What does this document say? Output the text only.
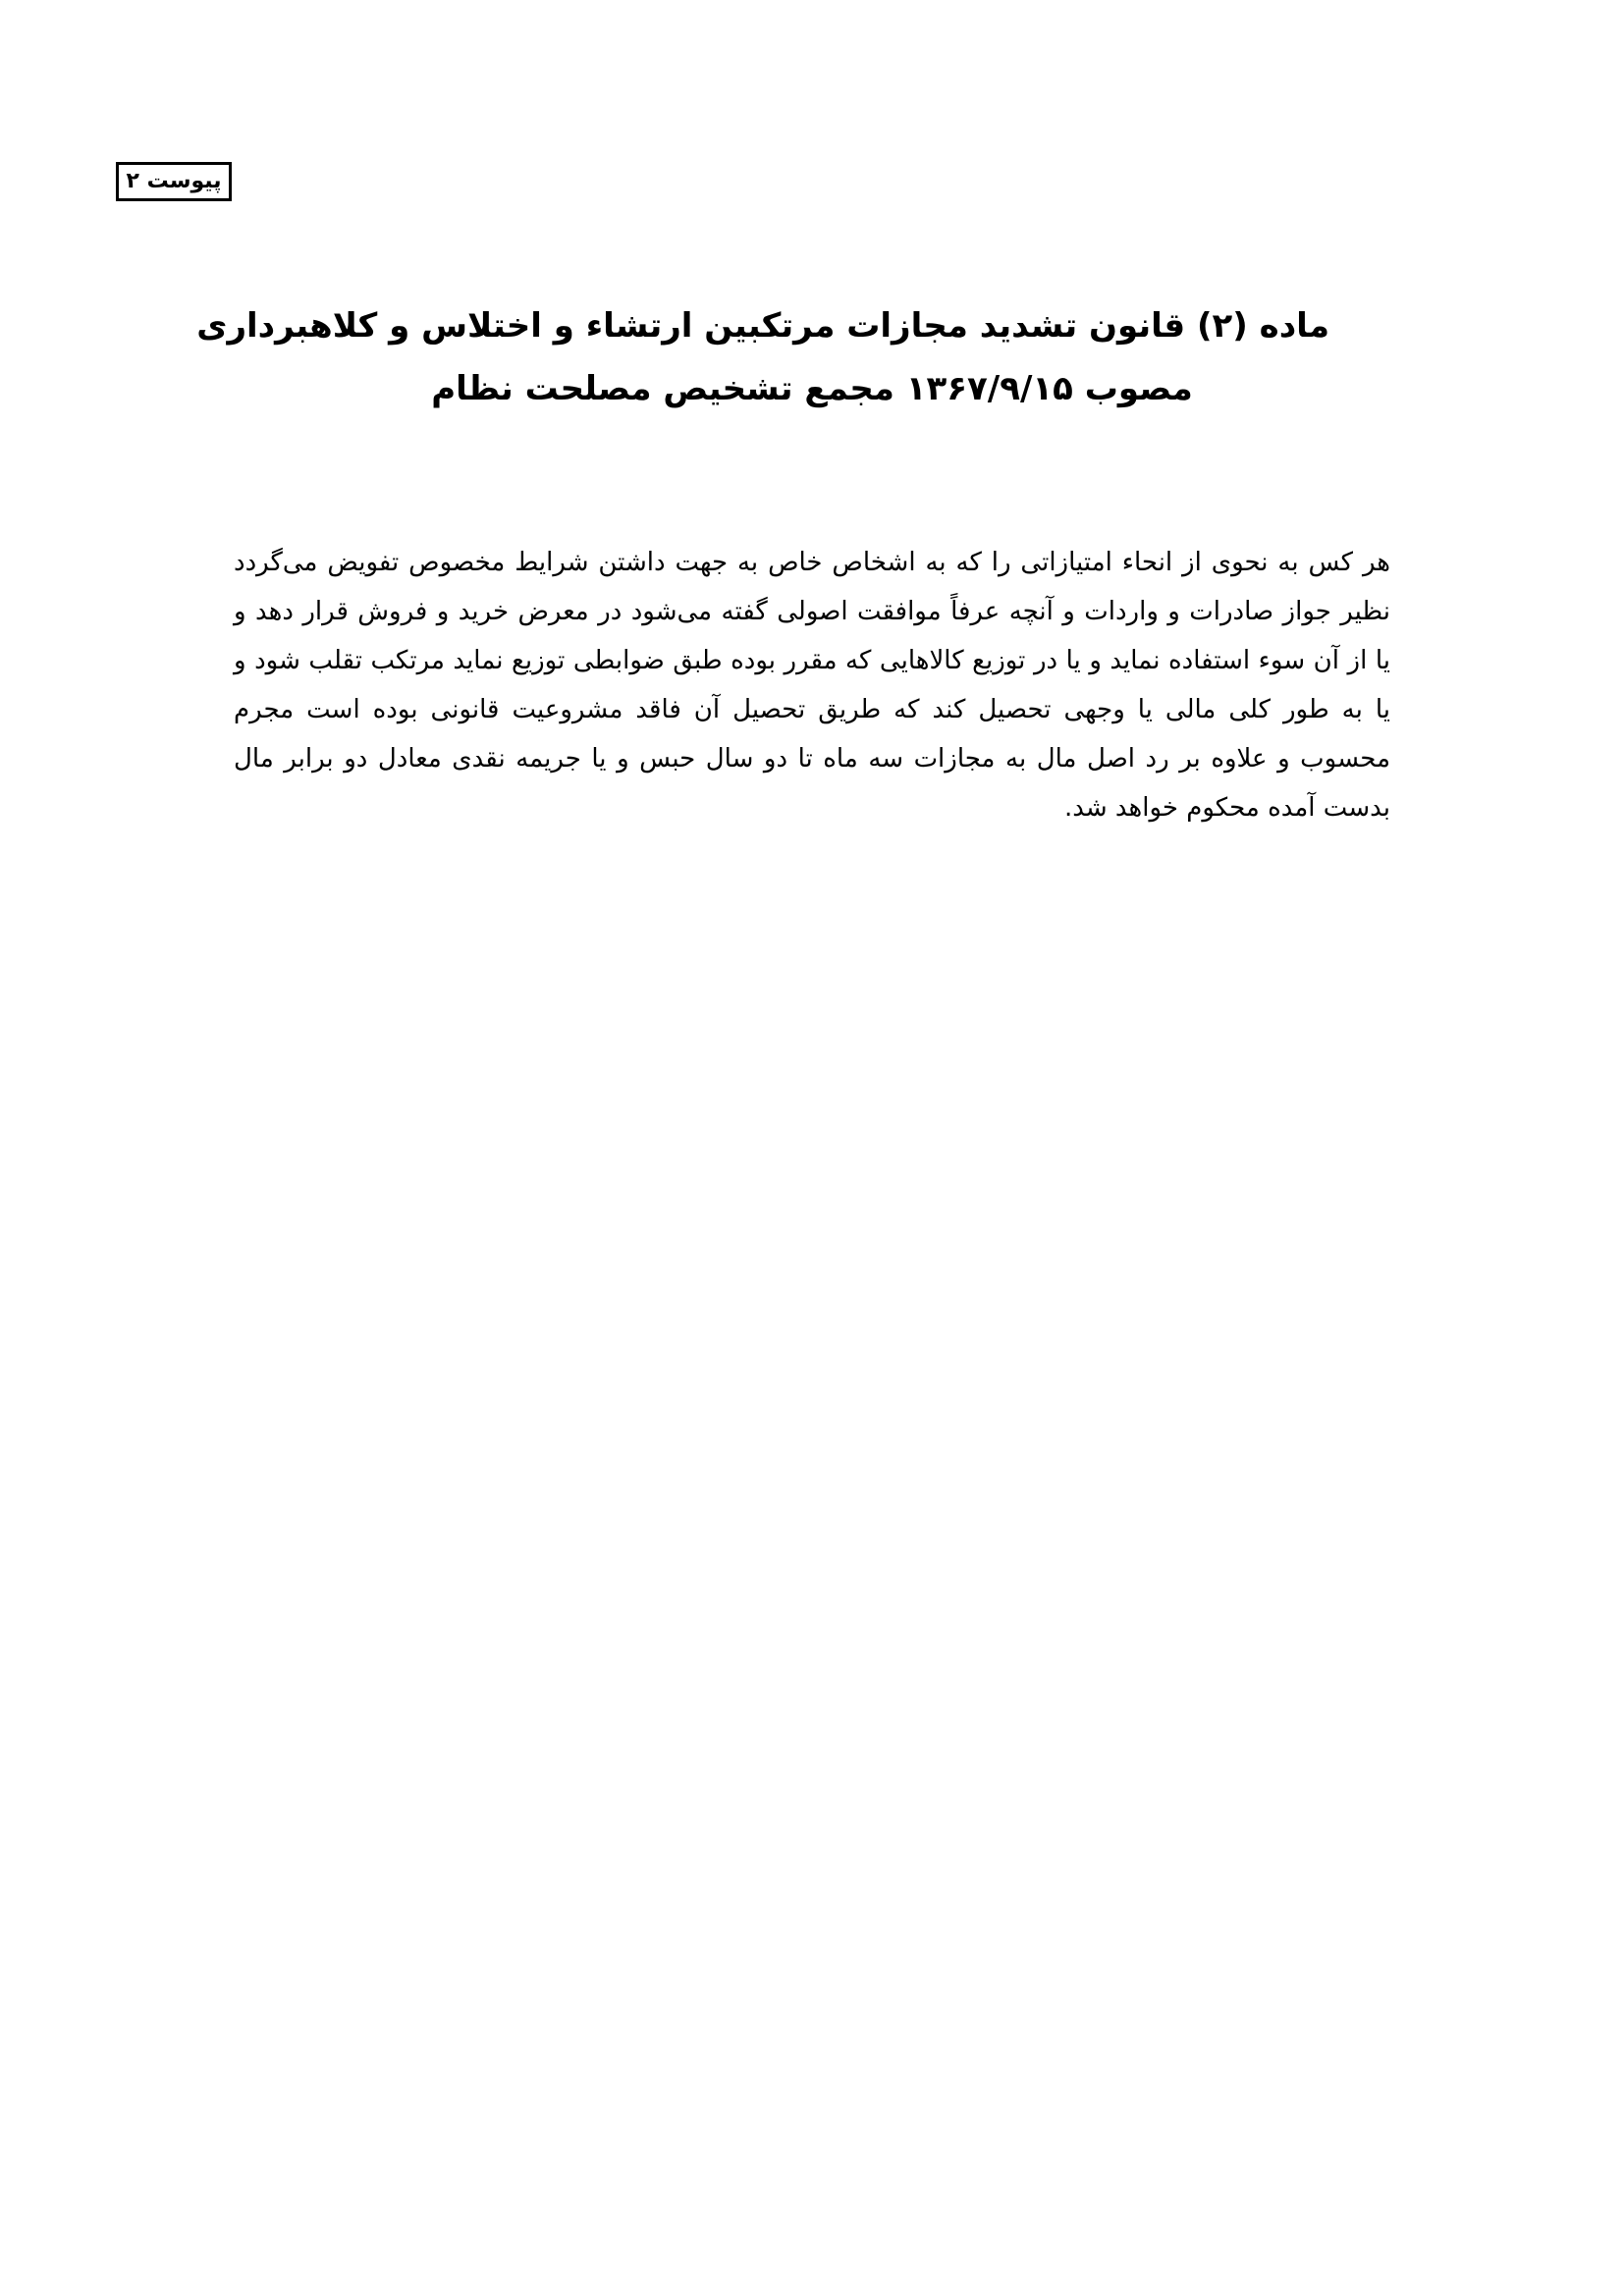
پیوست ۲
ماده (۲) قانون تشدید مجازات مرتکبین ارتشاء و اختلاس و کلاهبرداری
مصوب ۱۳۶۷/۹/۱۵ مجمع تشخیص مصلحت نظام

هر کس به نحوی از انحاء امتیازاتی را که به اشخاص خاص به جهت داشتن شرایط مخصوص تفویض می‌گردد نظیر جواز صادرات و واردات و آنچه عرفاً موافقت اصولی گفته می‌شود در معرض خرید و فروش قرار دهد و یا از آن سوء استفاده نماید و یا در توزیع کالاهایی که مقرر بوده طبق ضوابطی توزیع نماید مرتکب تقلب شود و یا به طور کلی مالی یا وجهی تحصیل کند که طریق تحصیل آن فاقد مشروعیت قانونی بوده است مجرم محسوب و علاوه بر رد اصل مال به مجازات سه ماه تا دو سال حبس و یا جریمه نقدی معادل دو برابر مال بدست آمده محکوم خواهد شد.
